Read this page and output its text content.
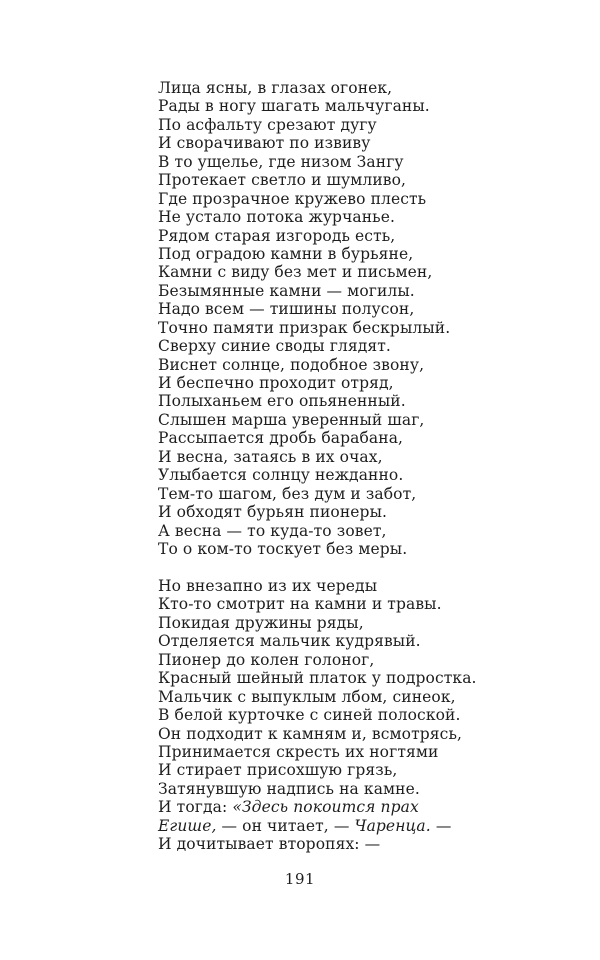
Лица ясны, в глазах огонек,
Рады в ногу шагать мальчуганы.
По асфальту срезают дугу
И сворачивают по извиву
В то ущелье, где низом Зангу
Протекает светло и шумливо,
Где прозрачное кружево плесть
Не устало потока журчанье.
Рядом старая изгородь есть,
Под оградою камни в бурьяне,
Камни с виду без мет и письмен,
Безымянные камни — могилы.
Надо всем — тишины полусон,
Точно памяти призрак бескрылый.
Сверху синие своды глядят.
Виснет солнце, подобное звону,
И беспечно проходит отряд,
Полыханьем его опьяненный.
Слышен марша уверенный шаг,
Рассыпается дробь барабана,
И весна, затаясь в их очах,
Улыбается солнцу нежданно.
Тем-то шагом, без дум и забот,
И обходят бурьян пионеры.
А весна — то куда-то зовет,
То о ком-то тоскует без меры.
Но внезапно из их череды
Кто-то смотрит на камни и травы.
Покидая дружины ряды,
Отделяется мальчик кудрявый.
Пионер до колен голоног,
Красный шейный платок у подростка.
Мальчик с выпуклым лбом, синеок,
В белой курточке с синей полоской.
Он подходит к камням и, всмотрясь,
Принимается скресть их ногтями
И стирает присохшую грязь,
Затянувшую надпись на камне.
И тогда: «Здесь покоится прах
Егише, — он читает, — Чаренца. —
И дочитывает второпях: —
191
